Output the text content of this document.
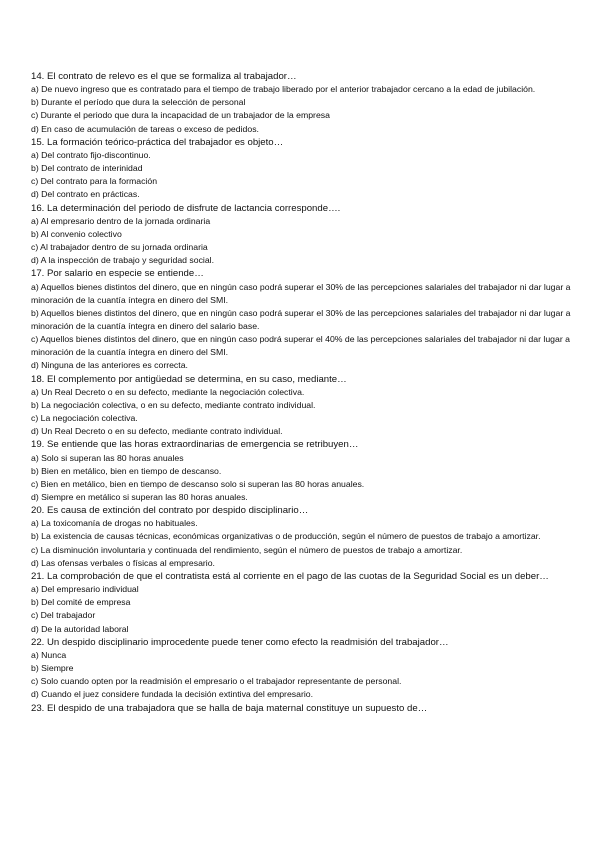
14. El contrato de relevo es el que se formaliza al trabajador…

a) De nuevo ingreso que es contratado para el tiempo de trabajo liberado por el anterior trabajador cercano a la edad de jubilación.

b) Durante el período que dura la selección de personal

c) Durante el periodo que dura la incapacidad de un trabajador de la empresa

d) En caso de acumulación de tareas o exceso de pedidos.

15. La formación teórico-práctica del trabajador es objeto…

a) Del contrato fijo-discontinuo.

b) Del contrato de interinidad

c) Del contrato para la formación

d) Del contrato en prácticas.

16. La determinación del periodo de disfrute de lactancia corresponde….

a) Al empresario dentro de la jornada ordinaria

b) Al convenio colectivo

c) Al trabajador dentro de su jornada ordinaria

d) A la inspección de trabajo y seguridad social.

17. Por salario en especie se entiende…

a) Aquellos bienes distintos del dinero, que en ningún caso podrá superar el 30% de las percepciones salariales del trabajador ni dar lugar a minoración de la cuantía íntegra en dinero del SMI.

b) Aquellos bienes distintos del dinero, que en ningún caso podrá superar el 30% de las percepciones salariales del trabajador ni dar lugar a minoración de la cuantía íntegra en dinero del salario base.

c) Aquellos bienes distintos del dinero, que en ningún caso podrá superar el 40% de las percepciones salariales del trabajador ni dar lugar a minoración de la cuantía íntegra en dinero del SMI.

d) Ninguna de las anteriores es correcta.

18. El complemento por antigüedad se determina, en su caso, mediante…

a) Un Real Decreto o en su defecto, mediante la negociación colectiva.

b) La negociación colectiva, o en su defecto, mediante contrato individual.

c) La negociación colectiva.

d) Un Real Decreto o en su defecto, mediante contrato individual.

19. Se entiende que las horas extraordinarias de emergencia se retribuyen…

a) Solo si superan las 80 horas anuales

b) Bien en metálico, bien en tiempo de descanso.

c) Bien en metálico, bien en tiempo de descanso solo si superan las 80 horas anuales.

d) Siempre en metálico si superan las 80 horas anuales.

20. Es causa de extinción del contrato por despido disciplinario…

a) La toxicomanía de drogas no habituales.

b) La existencia de causas técnicas, económicas organizativas o de producción, según el número de puestos de trabajo a amortizar.

c) La disminución involuntaria y continuada del rendimiento, según el número de puestos de trabajo a amortizar.

d) Las ofensas verbales o físicas al empresario.

21. La comprobación de que el contratista está al corriente en el pago de las cuotas de la Seguridad Social es un deber…

a) Del empresario individual

b) Del comité de empresa

c) Del trabajador

d) De la autoridad laboral

22. Un despido disciplinario improcedente puede tener como efecto la readmisión del trabajador…

a) Nunca

b) Siempre

c) Solo cuando opten por la readmisión el empresario o el trabajador representante de personal.

d) Cuando el juez considere fundada la decisión extintiva del empresario.

23. El despido de una trabajadora que se halla de baja maternal constituye un supuesto de…
